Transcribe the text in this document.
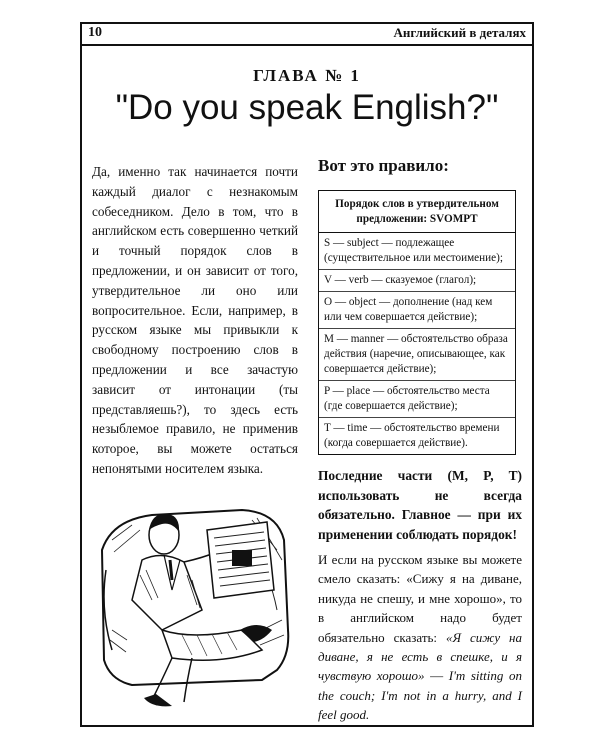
10	Английский в деталях
ГЛАВА № 1
"Do you speak English?"
Да, именно так начинается почти каждый диалог с незнакомым собеседником. Дело в том, что в английском есть совершенно четкий и точный порядок слов в предложении, и он зависит от того, утвердительное ли оно или вопросительное. Если, например, в русском языке мы привыкли к свободному построению слов в предложении и все зачастую зависит от интонации (ты представляешь?), то здесь есть незыблемое правило, не применив которое, вы можете остаться непонятыми носителем языка.
Вот это правило:
Порядок слов в утвердительном предложении: SVOMPT
S — subject — подлежащее (существительное или местоимение);
V — verb — сказуемое (глагол);
O — object — дополнение (над кем или чем совершается действие);
M — manner — обстоятельство образа действия (наречие, описывающее, как совершается действие);
P — place — обстоятельство места (где совершается действие);
T — time — обстоятельство времени (когда совершается действие).
Последние части (M, P, T) использовать не всегда обязательно. Главное — при их применении соблюдать порядок!
И если на русском языке вы можете смело сказать: «Сижу я на диване, никуда не спешу, и мне хорошо», то в английском надо будет обязательно сказать: «Я сижу на диване, я не есть в спешке, и я чувствую хорошо» — I'm sitting on the couch; I'm not in a hurry, and I feel good.
